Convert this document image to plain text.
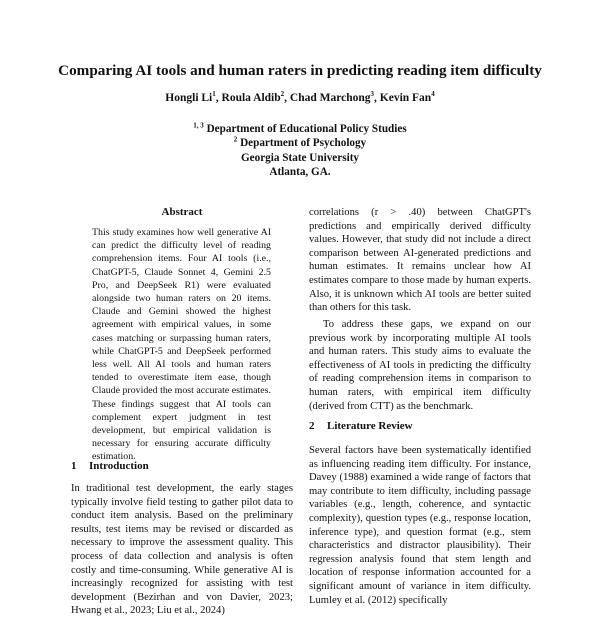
Comparing AI tools and human raters in predicting reading item difficulty
Hongli Li$^1$, Roula Aldib$^2$, Chad Marchong$^3$, Kevin Fan$^4$
$^{1, 3}$ Department of Educational Policy Studies
$^2$ Department of Psychology
Georgia State University
Atlanta, GA.
Abstract
This study examines how well generative AI can predict the difficulty level of reading comprehension items. Four AI tools (i.e., ChatGPT-5, Claude Sonnet 4, Gemini 2.5 Pro, and DeepSeek R1) were evaluated alongside two human raters on 20 items. Claude and Gemini showed the highest agreement with empirical values, in some cases matching or surpassing human raters, while ChatGPT-5 and DeepSeek performed less well. All AI tools and human raters tended to overestimate item ease, though Claude provided the most accurate estimates. These findings suggest that AI tools can complement expert judgment in test development, but empirical validation is necessary for ensuring accurate difficulty estimation.
1 Introduction
In traditional test development, the early stages typically involve field testing to gather pilot data to conduct item analysis. Based on the preliminary results, test items may be revised or discarded as necessary to improve the assessment quality. This process of data collection and analysis is often costly and time-consuming. While generative AI is increasingly recognized for assisting with test development (Bezirhan and von Davier, 2023; Hwang et al., 2023; Liu et al., 2024)

correlations (r > .40) between ChatGPT's predictions and empirically derived difficulty values. However, that study did not include a direct comparison between AI-generated predictions and human estimates. It remains unclear how AI estimates compare to those made by human experts. Also, it is unknown which AI tools are better suited than others for this task.

To address these gaps, we expand on our previous work by incorporating multiple AI tools and human raters. This study aims to evaluate the effectiveness of AI tools in predicting the difficulty of reading comprehension items in comparison to human raters, with empirical item difficulty (derived from CTT) as the benchmark.

2 Literature Review

Several factors have been systematically identified as influencing reading item difficulty. For instance, Davey (1988) examined a wide range of factors that may contribute to item difficulty, including passage variables (e.g., length, coherence, and syntactic complexity), question types (e.g., response location, inference type), and question format (e.g., stem characteristics and distractor plausibility). Their regression analysis found that stem length and location of response information accounted for a significant amount of variance in item difficulty. Lumley et al. (2012) specifically
